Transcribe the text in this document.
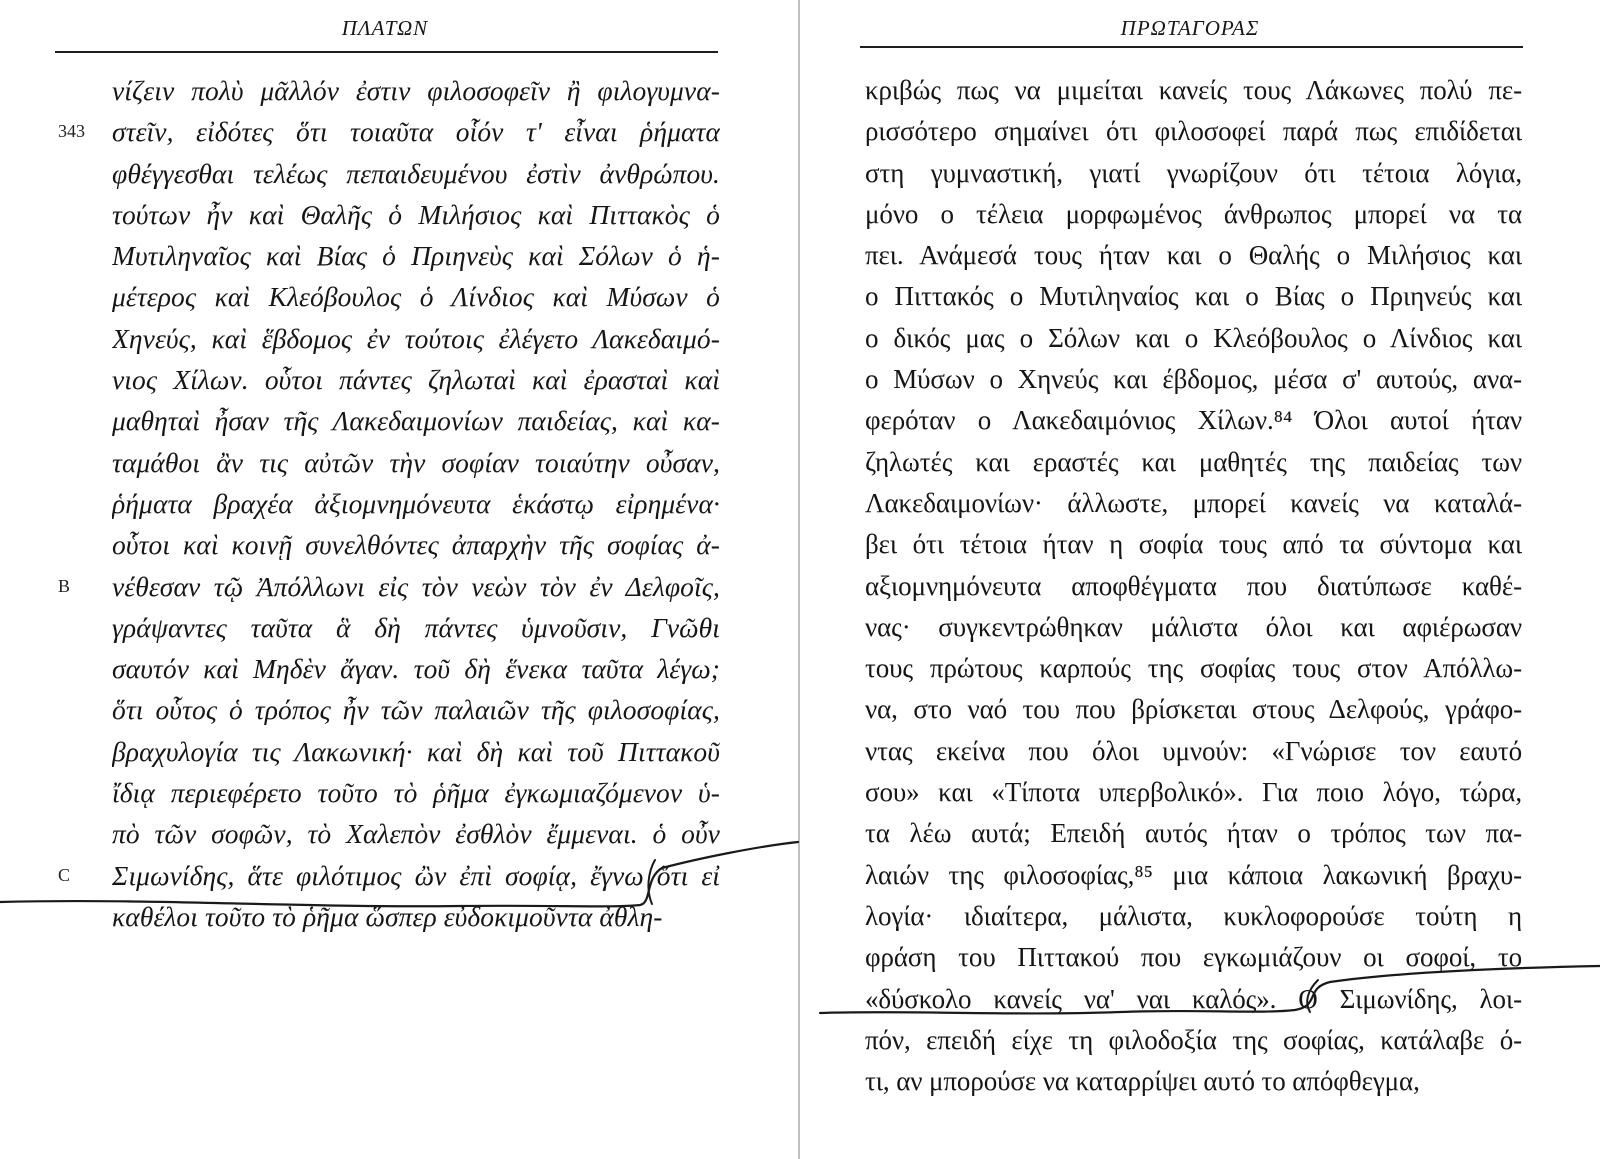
ΠΛΑΤΩΝ
νίζειν πολὺ μᾶλλόν ἐστιν φιλοσοφεῖν ἢ φιλογυμνα-
στεῖν, εἰδότες ὅτι τοιαῦτα οἷόν τ' εἶναι ῥήματα
φθέγγεσθαι τελέως πεπαιδευμένου ἐστὶν ἀνθρώπου.
τούτων ἦν καὶ Θαλῆς ὁ Μιλήσιος καὶ Πιττακὸς ὁ
Μυτιληναῖος καὶ Βίας ὁ Πριηνεὺς καὶ Σόλων ὁ ἡ-
μέτερος καὶ Κλεόβουλος ὁ Λίνδιος καὶ Μύσων ὁ
Χηνεύς, καὶ ἕβδομος ἐν τούτοις ἐλέγετο Λακεδαιμό-
νιος Χίλων. οὗτοι πάντες ζηλωταὶ καὶ ἐρασταὶ καὶ
μαθηταὶ ἦσαν τῆς Λακεδαιμονίων παιδείας, καὶ κα-
ταμάθοι ἂν τις αὐτῶν τὴν σοφίαν τοιαύτην οὖσαν,
ῥήματα βραχέα ἀξιομνημόνευτα ἑκάστῳ εἰρημένα·
οὗτοι καὶ κοινῇ συνελθόντες ἀπαρχὴν τῆς σοφίας ἀ-
νέθεσαν τῷ Ἀπόλλωνι εἰς τὸν νεὼν τὸν ἐν Δελφοῖς,
γράψαντες ταῦτα ἃ δὴ πάντες ὑμνοῦσιν, Γνῶθι
σαυτόν καὶ Μηδὲν ἄγαν. τοῦ δὴ ἕνεκα ταῦτα λέγω;
ὅτι οὗτος ὁ τρόπος ἦν τῶν παλαιῶν τῆς φιλοσοφίας,
βραχυλογία τις Λακωνική· καὶ δὴ καὶ τοῦ Πιττακοῦ
ἴδιᾳ περιεφέρετο τοῦτο τὸ ῥῆμα ἐγκωμιαζόμενον ὑ-
πὸ τῶν σοφῶν, τὸ Χαλεπὸν ἐσθλὸν ἔμμεναι. ὁ οὖν
Σιμωνίδης, ἅτε φιλότιμος ὢν ἐπὶ σοφίᾳ, ἔγνω ὅτι εἰ
καθέλοι τοῦτο τὸ ῥῆμα ὥσπερ εὐδοκιμοῦντα ἀθλη-
343
B
C
ΠΡΩΤΑΓΟΡΑΣ
κριβώς πως να μιμείται κανείς τους Λάκωνες πολύ πε-
ρισσότερο σημαίνει ότι φιλοσοφεί παρά πως επιδίδεται
στη γυμναστική, γιατί γνωρίζουν ότι τέτοια λόγια,
μόνο ο τέλεια μορφωμένος άνθρωπος μπορεί να τα
πει. Ανάμεσά τους ήταν και ο Θαλής ο Μιλήσιος και
ο Πιττακός ο Μυτιληναίος και ο Βίας ο Πριηνεύς και
ο δικός μας ο Σόλων και ο Κλεόβουλος ο Λίνδιος και
ο Μύσων ο Χηνεύς και έβδομος, μέσα σ' αυτούς, ανα-
φερόταν ο Λακεδαιμόνιος Χίλων.⁸⁴ Όλοι αυτοί ήταν
ζηλωτές και εραστές και μαθητές της παιδείας των
Λακεδαιμονίων· άλλωστε, μπορεί κανείς να καταλά-
βει ότι τέτοια ήταν η σοφία τους από τα σύντομα και
αξιομνημόνευτα αποφθέγματα που διατύπωσε καθέ-
νας· συγκεντρώθηκαν μάλιστα όλοι και αφιέρωσαν
τους πρώτους καρπούς της σοφίας τους στον Απόλλω-
να, στο ναό του που βρίσκεται στους Δελφούς, γράφο-
ντας εκείνα που όλοι υμνούν: «Γνώρισε τον εαυτό
σου» και «Τίποτα υπερβολικό». Για ποιο λόγο, τώρα,
τα λέω αυτά; Επειδή αυτός ήταν ο τρόπος των πα-
λαιών της φιλοσοφίας,⁸⁵ μια κάποια λακωνική βραχυ-
λογία· ιδιαίτερα, μάλιστα, κυκλοφορούσε τούτη η
φράση του Πιττακού που εγκωμιάζουν οι σοφοί, το
«δύσκολο κανείς να' ναι καλός». Ο Σιμωνίδης, λοι-
πόν, επειδή είχε τη φιλοδοξία της σοφίας, κατάλαβε ό-
τι, αν μπορούσε να καταρρίψει αυτό το απόφθεγμα,
